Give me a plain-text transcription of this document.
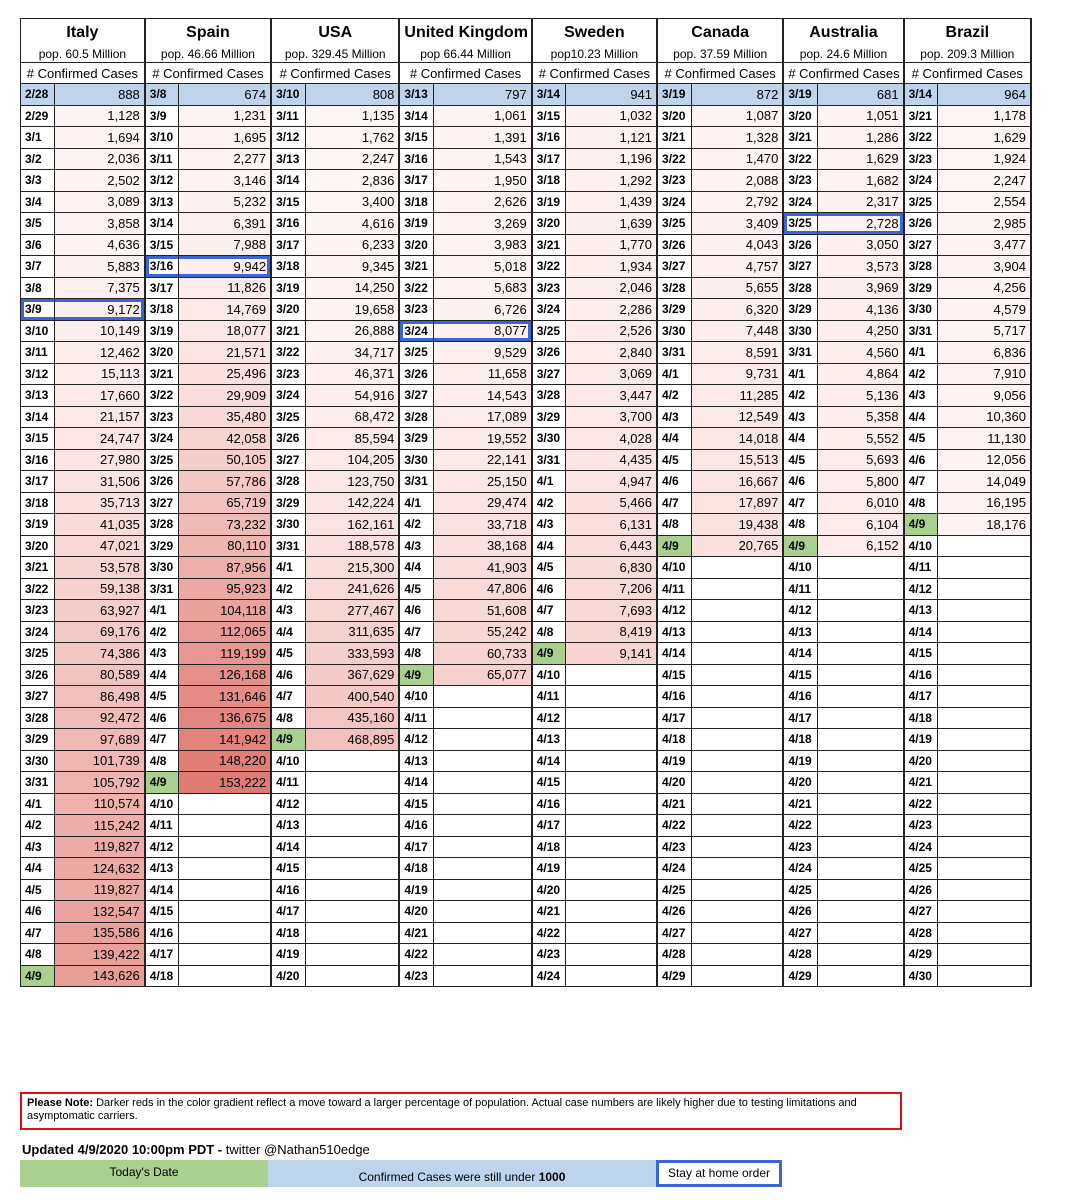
Italy		Spain		USA		United Kingdom		Sweden		Canada		Australia		Brazil	
pop. 60.5 Million		pop. 46.66 Million		pop. 329.45 Million		pop 66.44 Million		pop10.23 Million		pop. 37.59 Million		pop. 24.6 Million		pop. 209.3 Million	
# Confirmed Cases		# Confirmed Cases		# Confirmed Cases		# Confirmed Cases		# Confirmed Cases		# Confirmed Cases		# Confirmed Cases		# Confirmed Cases	
2/28	888	3/8	674	3/10	808	3/13	797	3/14	941	3/19	872	3/19	681	3/14	964
2/29	1,128	3/9	1,231	3/11	1,135	3/14	1,061	3/15	1,032	3/20	1,087	3/20	1,051	3/21	1,178
3/1	1,694	3/10	1,695	3/12	1,762	3/15	1,391	3/16	1,121	3/21	1,328	3/21	1,286	3/22	1,629
3/2	2,036	3/11	2,277	3/13	2,247	3/16	1,543	3/17	1,196	3/22	1,470	3/22	1,629	3/23	1,924
3/3	2,502	3/12	3,146	3/14	2,836	3/17	1,950	3/18	1,292	3/23	2,088	3/23	1,682	3/24	2,247
3/4	3,089	3/13	5,232	3/15	3,400	3/18	2,626	3/19	1,439	3/24	2,792	3/24	2,317	3/25	2,554
3/5	3,858	3/14	6,391	3/16	4,616	3/19	3,269	3/20	1,639	3/25	3,409	3/25	2,728	3/26	2,985
3/6	4,636	3/15	7,988	3/17	6,233	3/20	3,983	3/21	1,770	3/26	4,043	3/26	3,050	3/27	3,477
3/7	5,883	3/16	9,942	3/18	9,345	3/21	5,018	3/22	1,934	3/27	4,757	3/27	3,573	3/28	3,904
3/8	7,375	3/17	11,826	3/19	14,250	3/22	5,683	3/23	2,046	3/28	5,655	3/28	3,969	3/29	4,256
3/9	9,172	3/18	14,769	3/20	19,658	3/23	6,726	3/24	2,286	3/29	6,320	3/29	4,136	3/30	4,579
3/10	10,149	3/19	18,077	3/21	26,888	3/24	8,077	3/25	2,526	3/30	7,448	3/30	4,250	3/31	5,717
3/11	12,462	3/20	21,571	3/22	34,717	3/25	9,529	3/26	2,840	3/31	8,591	3/31	4,560	4/1	6,836
3/12	15,113	3/21	25,496	3/23	46,371	3/26	11,658	3/27	3,069	4/1	9,731	4/1	4,864	4/2	7,910
3/13	17,660	3/22	29,909	3/24	54,916	3/27	14,543	3/28	3,447	4/2	11,285	4/2	5,136	4/3	9,056
3/14	21,157	3/23	35,480	3/25	68,472	3/28	17,089	3/29	3,700	4/3	12,549	4/3	5,358	4/4	10,360
3/15	24,747	3/24	42,058	3/26	85,594	3/29	19,552	3/30	4,028	4/4	14,018	4/4	5,552	4/5	11,130
3/16	27,980	3/25	50,105	3/27	104,205	3/30	22,141	3/31	4,435	4/5	15,513	4/5	5,693	4/6	12,056
3/17	31,506	3/26	57,786	3/28	123,750	3/31	25,150	4/1	4,947	4/6	16,667	4/6	5,800	4/7	14,049
3/18	35,713	3/27	65,719	3/29	142,224	4/1	29,474	4/2	5,466	4/7	17,897	4/7	6,010	4/8	16,195
3/19	41,035	3/28	73,232	3/30	162,161	4/2	33,718	4/3	6,131	4/8	19,438	4/8	6,104	4/9	18,176
3/20	47,021	3/29	80,110	3/31	188,578	4/3	38,168	4/4	6,443	4/9	20,765	4/9	6,152	4/10	
3/21	53,578	3/30	87,956	4/1	215,300	4/4	41,903	4/5	6,830	4/10		4/10		4/11	
3/22	59,138	3/31	95,923	4/2	241,626	4/5	47,806	4/6	7,206	4/11		4/11		4/12	
3/23	63,927	4/1	104,118	4/3	277,467	4/6	51,608	4/7	7,693	4/12		4/12		4/13	
3/24	69,176	4/2	112,065	4/4	311,635	4/7	55,242	4/8	8,419	4/13		4/13		4/14	
3/25	74,386	4/3	119,199	4/5	333,593	4/8	60,733	4/9	9,141	4/14		4/14		4/15	
3/26	80,589	4/4	126,168	4/6	367,629	4/9	65,077	4/10		4/15		4/15		4/16	
3/27	86,498	4/5	131,646	4/7	400,540	4/10		4/11		4/16		4/16		4/17	
3/28	92,472	4/6	136,675	4/8	435,160	4/11		4/12		4/17		4/17		4/18	
3/29	97,689	4/7	141,942	4/9	468,895	4/12		4/13		4/18		4/18		4/19	
3/30	101,739	4/8	148,220	4/10		4/13		4/14		4/19		4/19		4/20	
3/31	105,792	4/9	153,222	4/11		4/14		4/15		4/20		4/20		4/21	
4/1	110,574	4/10		4/12		4/15		4/16		4/21		4/21		4/22	
4/2	115,242	4/11		4/13		4/16		4/17		4/22		4/22		4/23	
4/3	119,827	4/12		4/14		4/17		4/18		4/23		4/23		4/24	
4/4	124,632	4/13		4/15		4/18		4/19		4/24		4/24		4/25	
4/5	119,827	4/14		4/16		4/19		4/20		4/25		4/25		4/26	
4/6	132,547	4/15		4/17		4/20		4/21		4/26		4/26		4/27	
4/7	135,586	4/16		4/18		4/21		4/22		4/27		4/27		4/28	
4/8	139,422	4/17		4/19		4/22		4/23		4/28		4/28		4/29	
4/9	143,626	4/18		4/20		4/23		4/24		4/29		4/29		4/30	
Please Note: Darker reds in the color gradient reflect a move toward a larger percentage of population. Actual case numbers are likely higher due to testing limitations and asymptomatic carriers.
Updated 4/9/2020 10:00pm PDT - twitter @Nathan510edge
Today's Date	Confirmed Cases were still under 1000	Stay at home order
